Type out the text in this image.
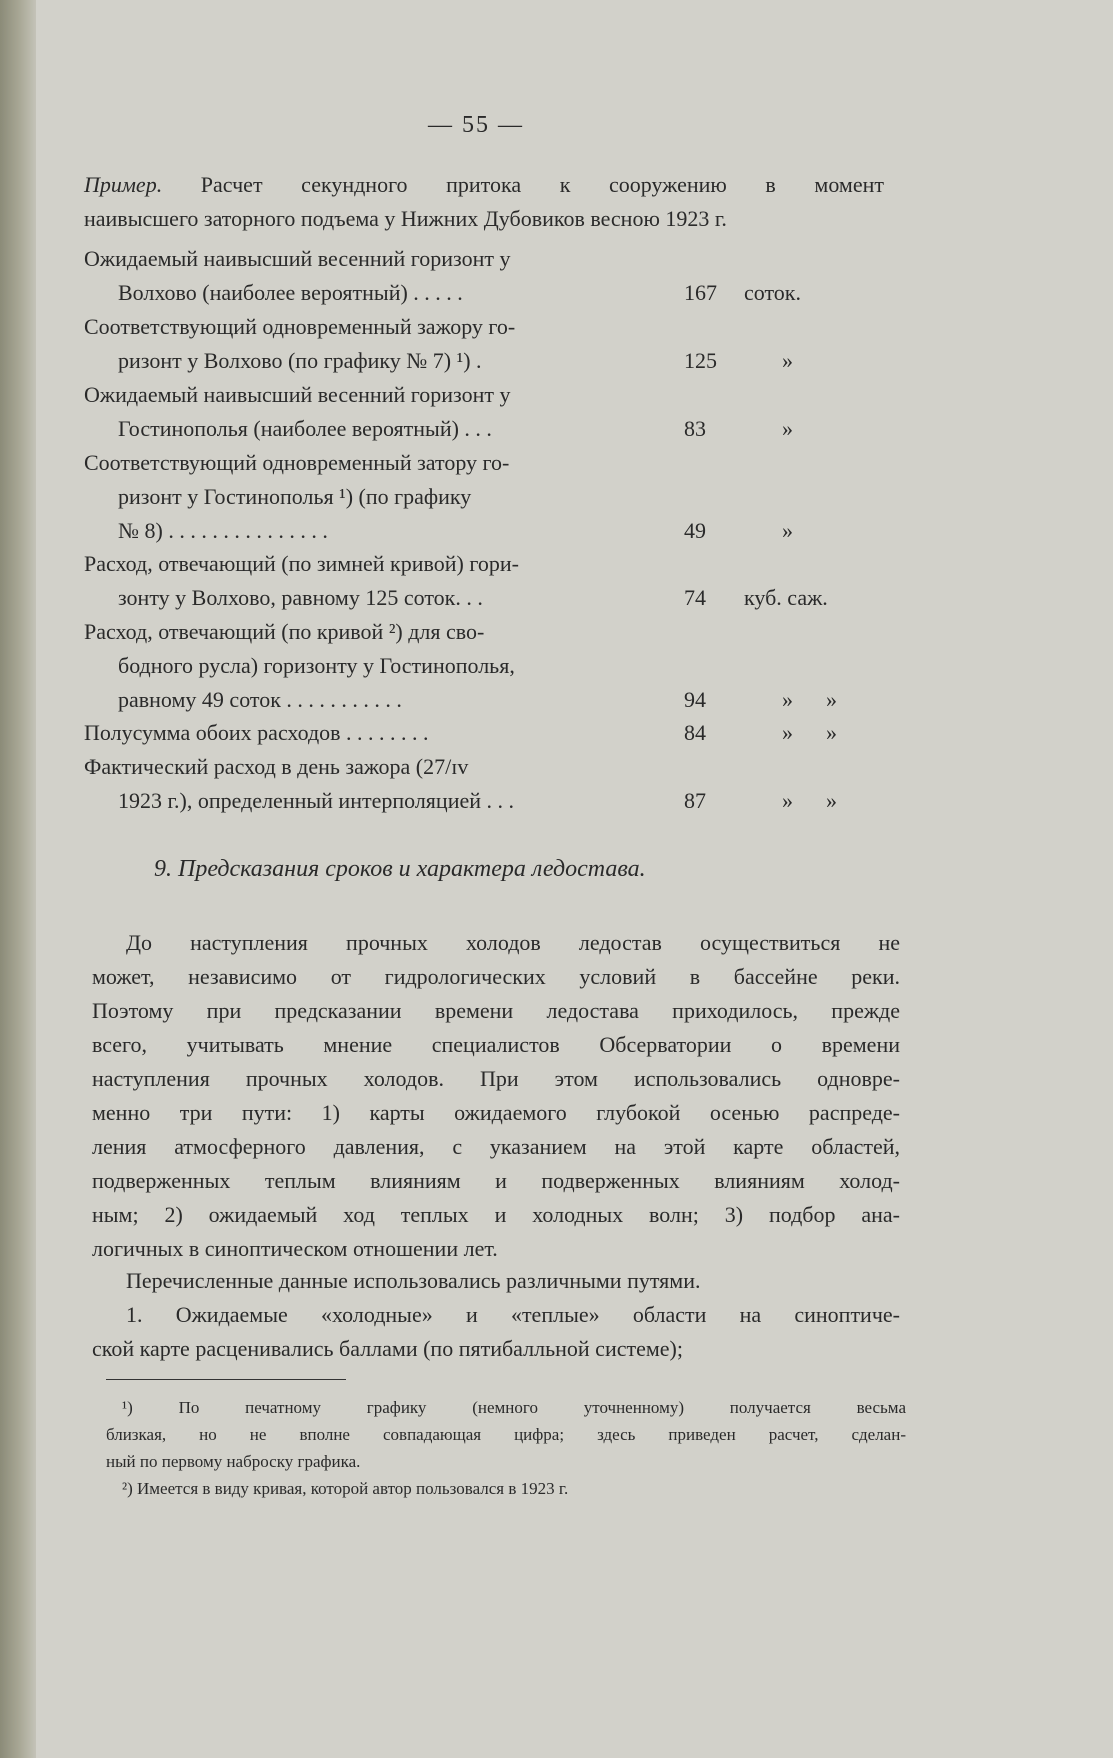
— 55 —
Пример. Расчет секундного притока к сооружению в момент
наивысшего заторного подъема у Нижних Дубовиков весною 1923 г.
Ожидаемый наивысший весенний горизонт у
Волхово (наиболее вероятный) . . . . .	167 соток.
Соответствующий одновременный зажору го-
ризонт у Волхово (по графику № 7) ¹) .	125	»
Ожидаемый наивысший весенний горизонт у
Гостинополья (наиболее вероятный) . . .	83	»
Соответствующий одновременный затору го-
ризонт у Гостинополья ¹) (по графику
№ 8) . . . . . . . . . . . . . . .	49	»
Расход, отвечающий (по зимней кривой) гори-
зонту у Волхово, равному 125 соток. . .	74 куб. саж.
Расход, отвечающий (по кривой ²) для сво-
бодного русла) горизонту у Гостинополья,
равному 49 соток . . . . . . . . . . .	94	» »
Полусумма обоих расходов . . . . . . . .	84	» »
Фактический расход в день зажора (27/ɪv
1923 г.), определенный интерполяцией . . .	87	» »
9. Предсказания сроков и характера ледостава.
До наступления прочных холодов ледостав осуществиться не
может, независимо от гидрологических условий в бассейне реки.
Поэтому при предсказании времени ледостава приходилось, прежде
всего, учитывать мнение специалистов Обсерватории о времени
наступления прочных холодов. При этом использовались одновре-
менно три пути: 1) карты ожидаемого глубокой осенью распреде-
ления атмосферного давления, с указанием на этой карте областей,
подверженных теплым влияниям и подверженных влияниям холод-
ным; 2) ожидаемый ход теплых и холодных волн; 3) подбор ана-
логичных в синоптическом отношении лет.
Перечисленные данные использовались различными путями.
1. Ожидаемые «холодные» и «теплые» области на синоптиче-
ской карте расценивались баллами (по пятибалльной системе);
¹) По печатному графику (немного уточненному) получается весьма
близкая, но не вполне совпадающая цифра; здесь приведен расчет, сделан-
ный по первому наброску графика.
²) Имеется в виду кривая, которой автор пользовался в 1923 г.
